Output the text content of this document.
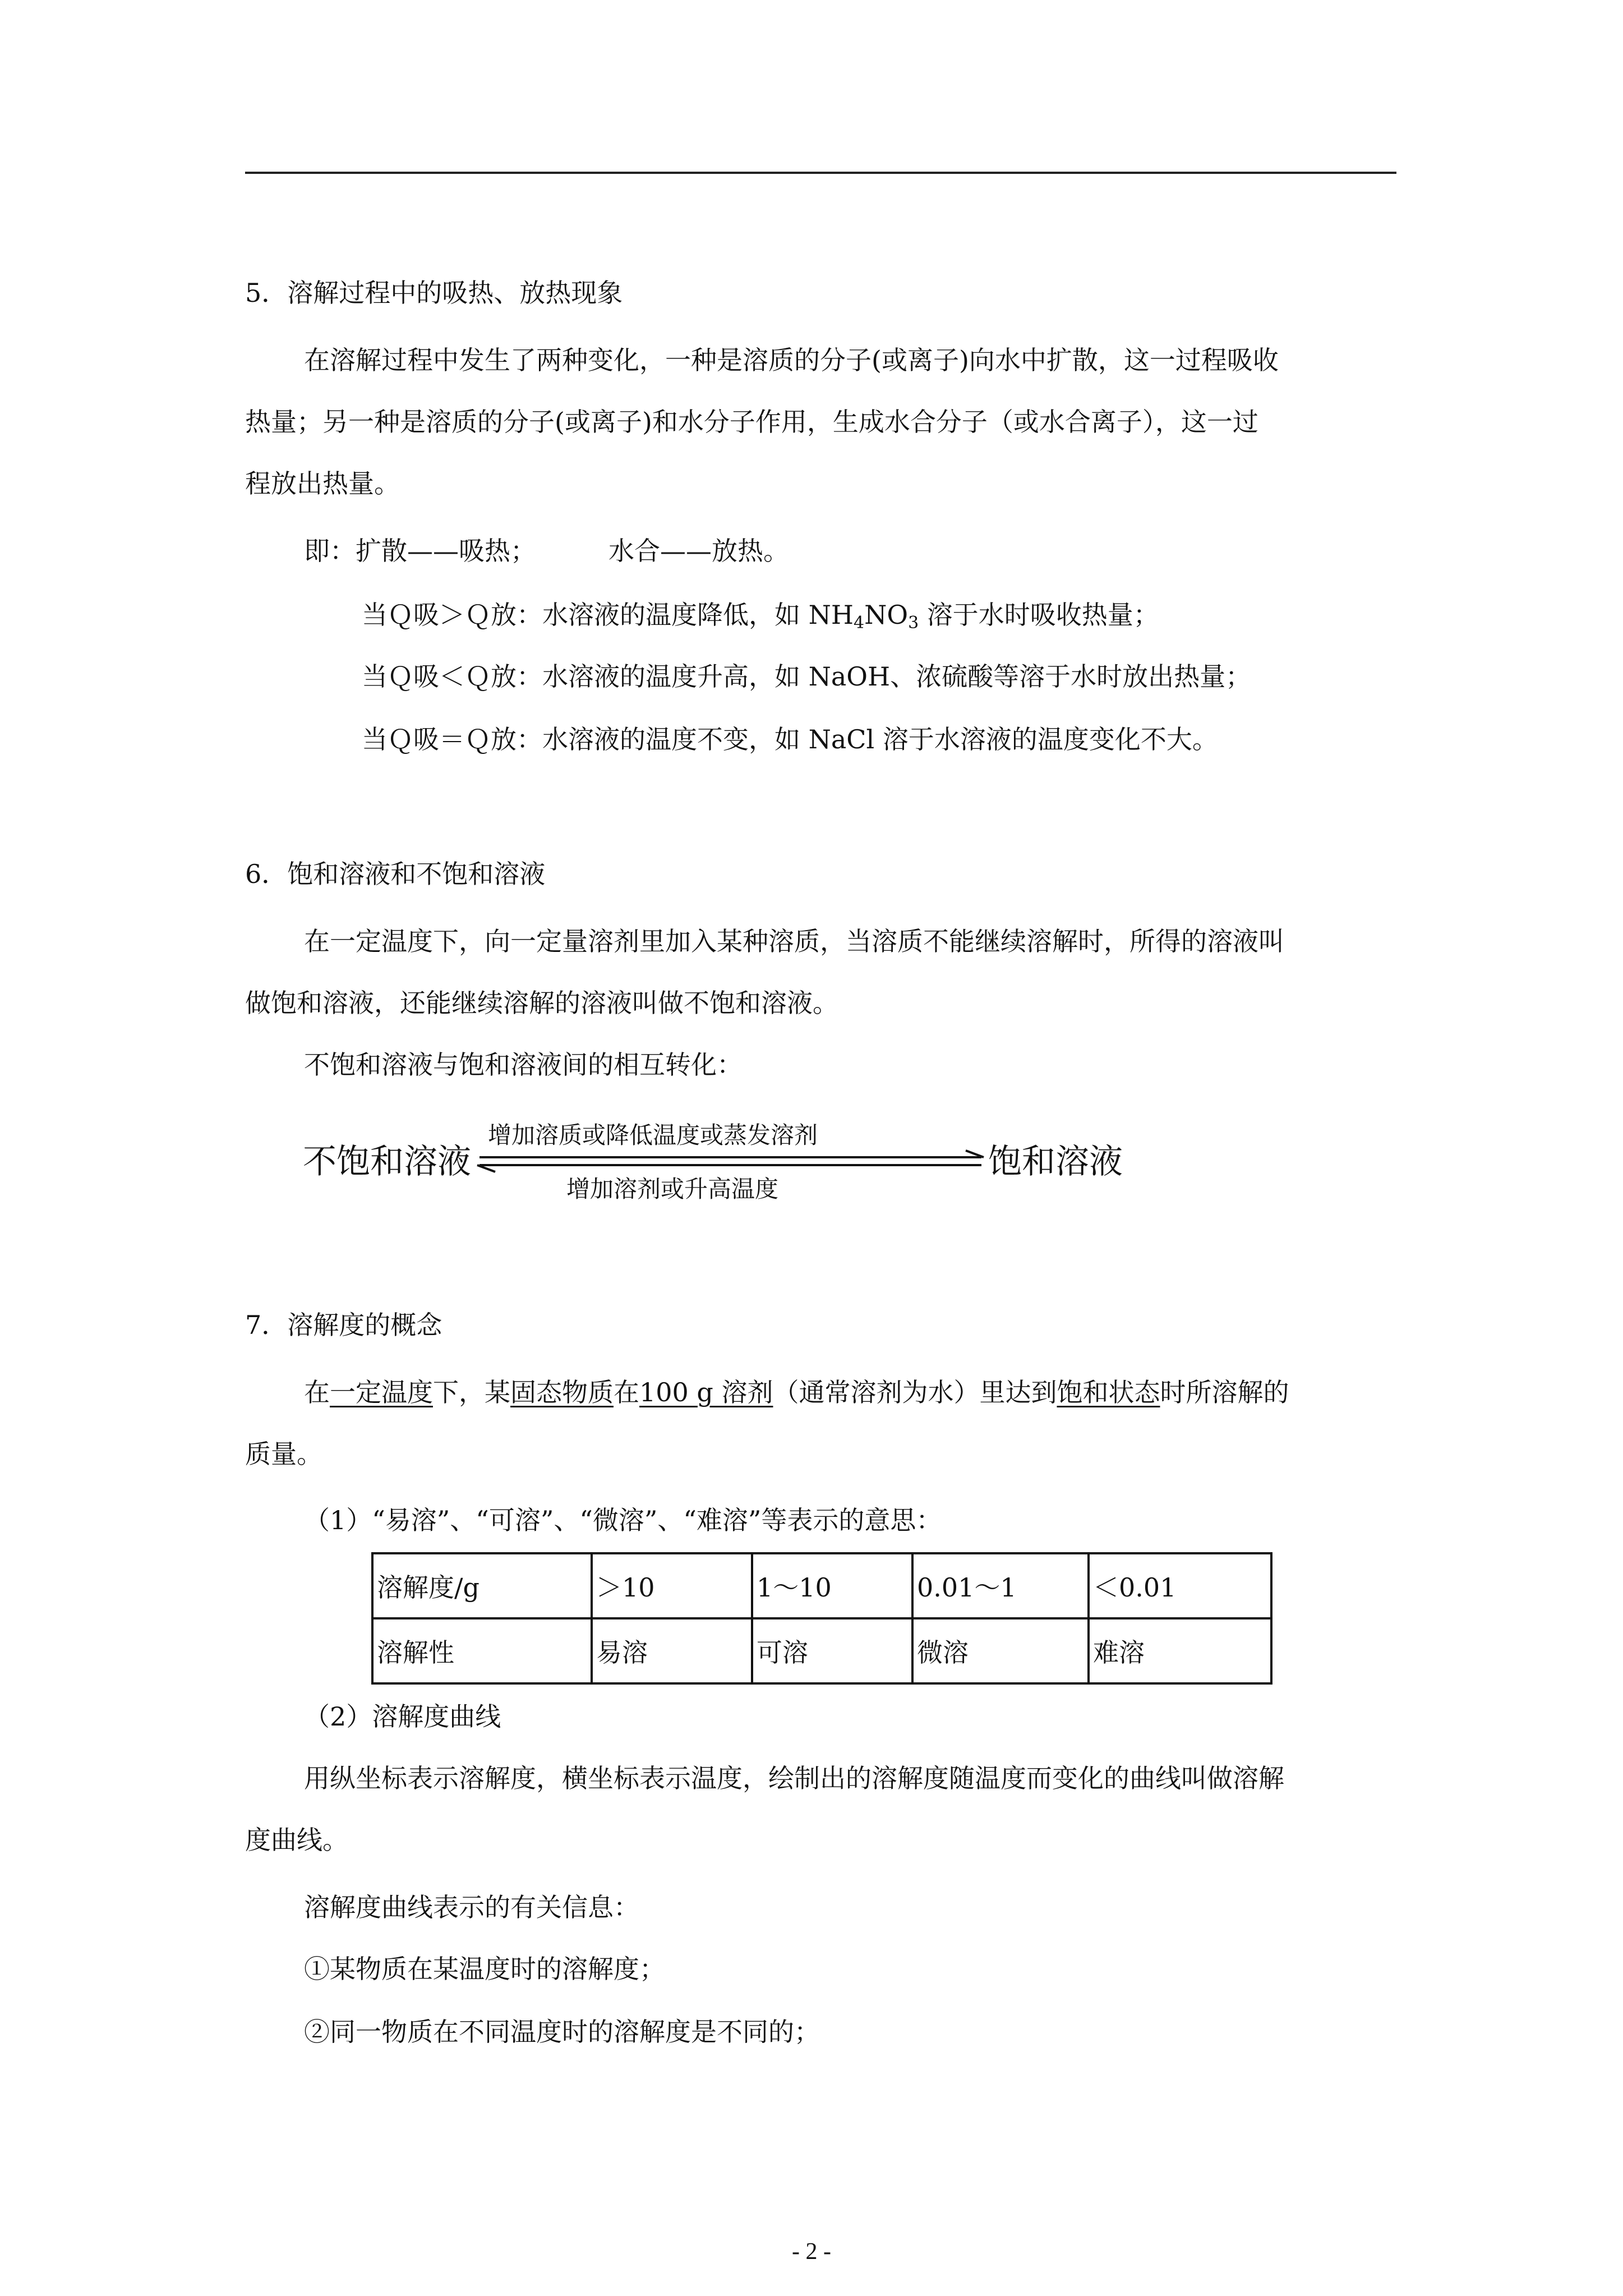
5．溶解过程中的吸热、放热现象
在溶解过程中发生了两种变化，一种是溶质的分子(或离子)向水中扩散，这一过程吸收
热量；另一种是溶质的分子(或离子)和水分子作用，生成水合分子（或水合离子），这一过
程放出热量。
即：扩散——吸热；	水合——放热。
当Ｑ吸＞Ｑ放：水溶液的温度降低，如 $NH_4NO_3$ 溶于水时吸收热量；
当Ｑ吸＜Ｑ放：水溶液的温度升高，如 NaOH、浓硫酸等溶于水时放出热量；
当Ｑ吸＝Ｑ放：水溶液的温度不变，如 NaCl 溶于水溶液的温度变化不大。
6．饱和溶液和不饱和溶液
在一定温度下，向一定量溶剂里加入某种溶质，当溶质不能继续溶解时，所得的溶液叫
做饱和溶液，还能继续溶解的溶液叫做不饱和溶液。
不饱和溶液与饱和溶液间的相互转化：
不饱和溶液
增加溶质或降低温度或蒸发溶剂
饱和溶液
增加溶剂或升高温度
7．溶解度的概念
在一定温度下，某固态物质在100 g 溶剂（通常溶剂为水）里达到饱和状态时所溶解的
质量。
（1）“易溶”、“可溶”、“微溶”、“难溶”等表示的意思：
溶解度/g	＞10	1～10	0.01～1	＜0.01
溶解性	易溶	可溶	微溶	难溶
（2）溶解度曲线
用纵坐标表示溶解度，横坐标表示温度，绘制出的溶解度随温度而变化的曲线叫做溶解
度曲线。
溶解度曲线表示的有关信息：
①某物质在某温度时的溶解度；
②同一物质在不同温度时的溶解度是不同的；
- 2 -
